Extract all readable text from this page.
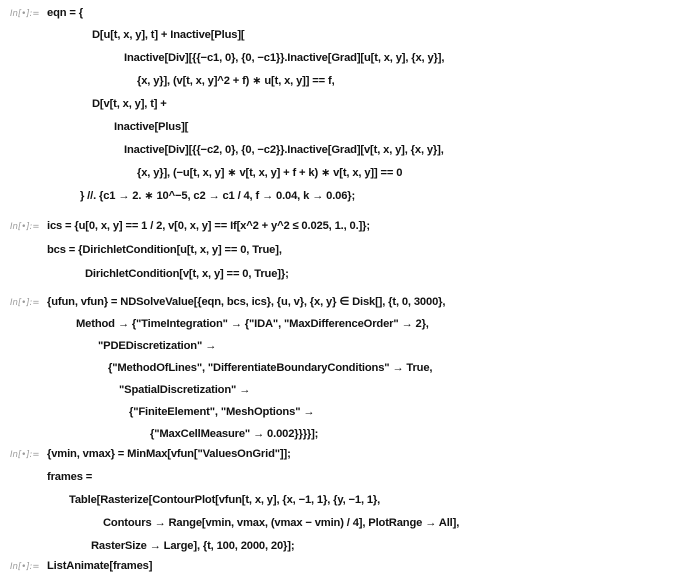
In[•]:= eqn = {
D[u[t, x, y], t] + Inactive[Plus][
Inactive[Div][{{−c1, 0}, {0, −c1}}.Inactive[Grad][u[t, x, y], {x, y}],
{x, y}], (v[t, x, y]^2 + f) ∗ u[t, x, y]] == f,
D[v[t, x, y], t] +
Inactive[Plus][
Inactive[Div][{{−c2, 0}, {0, −c2}}.Inactive[Grad][v[t, x, y], {x, y}],
{x, y}], (−u[t, x, y] ∗ v[t, x, y] + f + k) ∗ v[t, x, y]] == 0
} //. {c1 → 2. ∗ 10^−5, c2 → c1 / 4, f → 0.04, k → 0.06};
In[•]:= ics = {u[0, x, y] == 1 / 2, v[0, x, y] == If[x^2 + y^2 ≤ 0.025, 1., 0.]};
bcs = {DirichletCondition[u[t, x, y] == 0, True],
DirichletCondition[v[t, x, y] == 0, True]};
In[•]:= {ufun, vfun} = NDSolveValue[{eqn, bcs, ics}, {u, v}, {x, y} ∈ Disk[], {t, 0, 3000},
Method → {"TimeIntegration" → {"IDA", "MaxDifferenceOrder" → 2},
"PDEDiscretization" →
{"MethodOfLines", "DifferentiateBoundaryConditions" → True,
"SpatialDiscretization" →
{"FiniteElement", "MeshOptions" →
{"MaxCellMeasure" → 0.002}}}}];
In[•]:= {vmin, vmax} = MinMax[vfun["ValuesOnGrid"]];
frames =
Table[Rasterize[ContourPlot[vfun[t, x, y], {x, −1, 1}, {y, −1, 1},
Contours → Range[vmin, vmax, (vmax − vmin) / 4], PlotRange → All],
RasterSize → Large], {t, 100, 2000, 20}];
In[•]:= ListAnimate[frames]
